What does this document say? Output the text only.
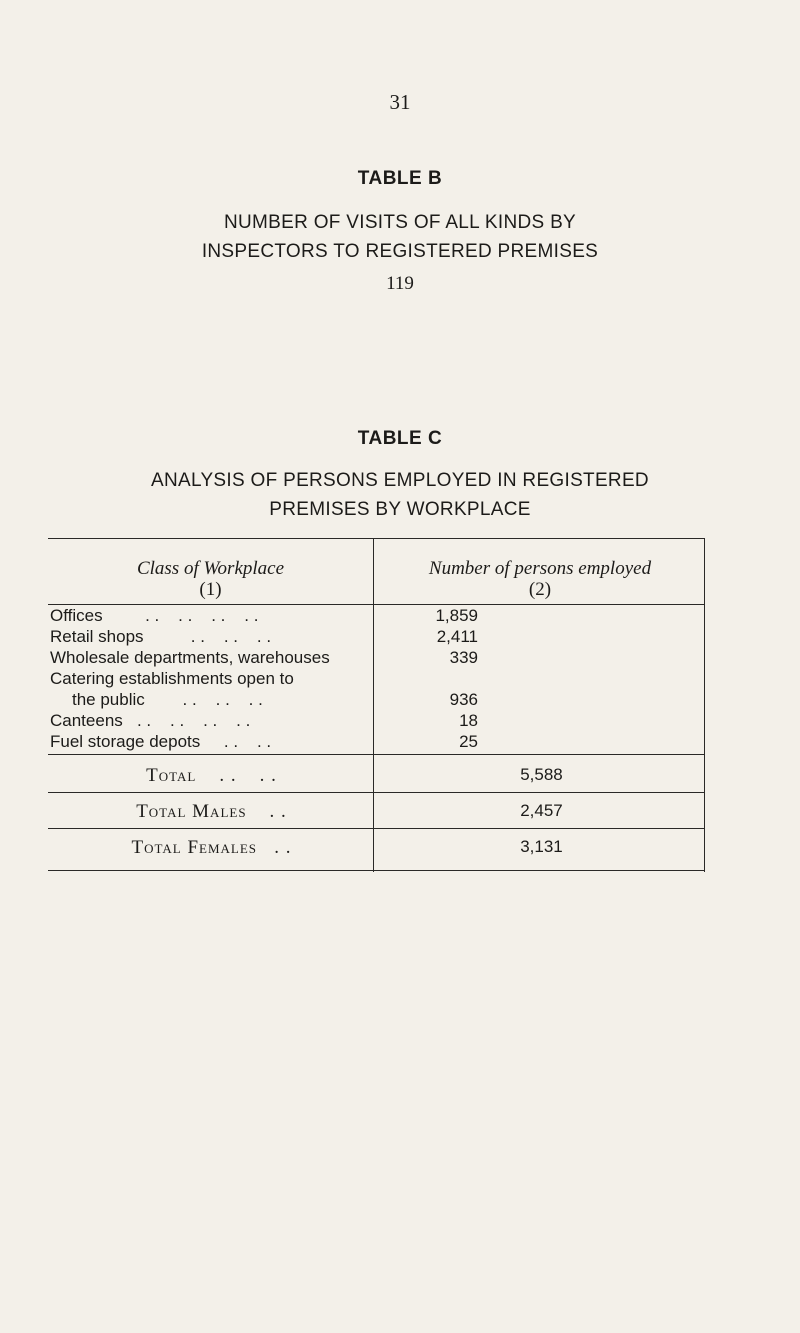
31
TABLE B
NUMBER OF VISITS OF ALL KINDS BY
INSPECTORS TO REGISTERED PREMISES
119
TABLE C
ANALYSIS OF PERSONS EMPLOYED IN REGISTERED
PREMISES BY WORKPLACE
Class of Workplace
(1)
Number of persons employed
(2)
Offices         . .    . .    . .    . .	1,859
Retail shops          . .    . .    . .	2,411
Wholesale departments, warehouses	339
Catering establishments open to
the public        . .    . .    . .	936
Canteens   . .    . .    . .    . .	18
Fuel storage depots     . .    . .	25
Total    . .    . .	5,588
Total Males    . .	2,457
Total Females   . .	3,131
